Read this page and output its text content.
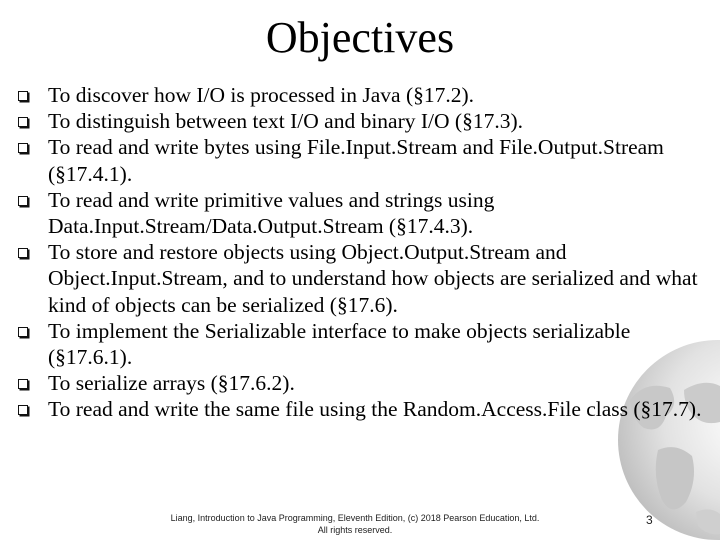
Objectives
To discover how I/O is processed in Java (§17.2).
To distinguish between text I/O and binary I/O (§17.3).
To read and write bytes using File.Input.Stream and File.Output.Stream (§17.4.1).
To read and write primitive values and strings using Data.Input.Stream/Data.Output.Stream (§17.4.3).
To store and restore objects using Object.Output.Stream and Object.Input.Stream, and to understand how objects are serialized and what kind of objects can be serialized (§17.6).
To implement the Serializable interface to make objects serializable (§17.6.1).
To serialize arrays (§17.6.2).
To read and write the same file using the Random.Access.File class (§17.7).
Liang, Introduction to Java Programming, Eleventh Edition, (c) 2018 Pearson Education, Ltd.
All rights reserved.
3
